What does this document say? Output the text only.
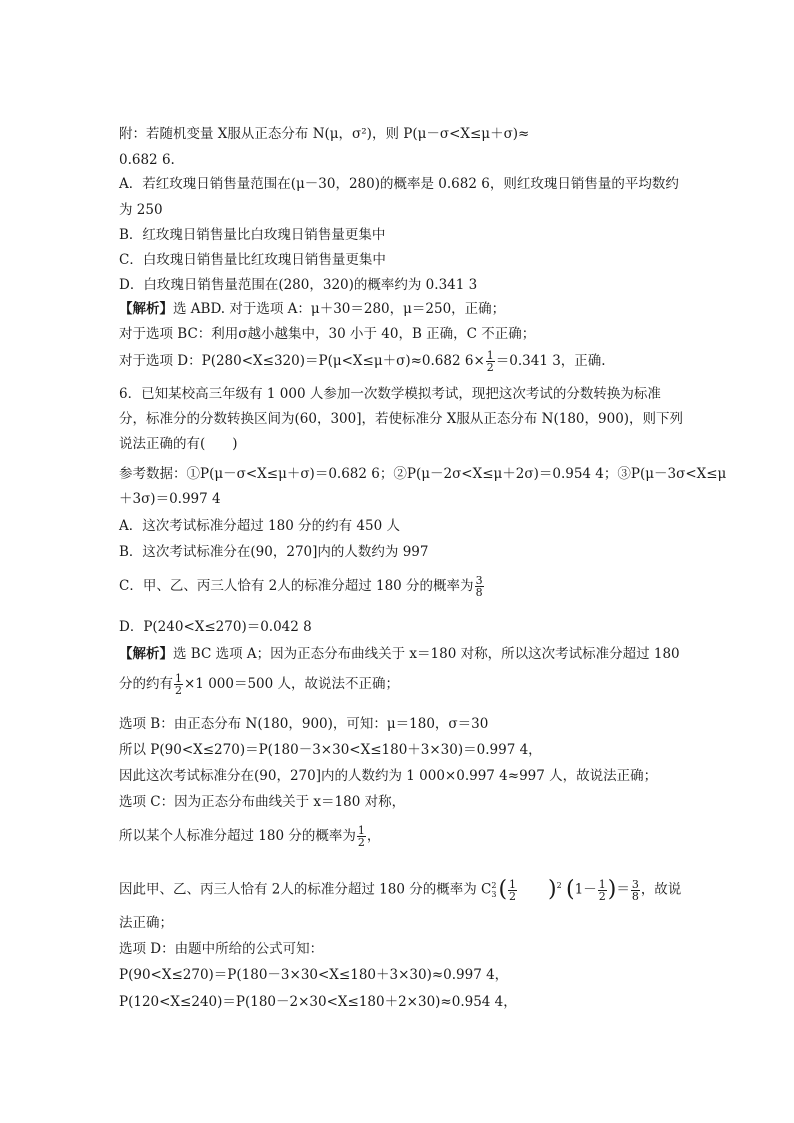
附：若随机变量 X服从正态分布 N(μ，σ²)，则 P(μ－σ<X≤μ＋σ)≈
0.682 6.
A．若红玫瑰日销售量范围在(μ－30，280)的概率是 0.682 6，则红玫瑰日销售量的平均数约
为 250
B．红玫瑰日销售量比白玫瑰日销售量更集中
C．白玫瑰日销售量比红玫瑰日销售量更集中
D．白玫瑰日销售量范围在(280，320)的概率约为 0.341 3
【解析】选 ABD. 对于选项 A：μ＋30＝280，μ＝250，正确；
对于选项 BC：利用σ越小越集中，30 小于 40，B 正确，C 不正确；
对于选项 D：P(280<X≤320)＝P(μ<X≤μ＋σ)≈0.682 $6\times \frac{1}{2} =0.341$ 3，正确.
6．已知某校高三年级有 1 000 人参加一次数学模拟考试，现把这次考试的分数转换为标准
分，标准分的分数转换区间为(60，300]，若使标准分 X服从正态分布 N(180，900)，则下列
说法正确的有(　　)
参考数据：①P(μ－σ<X≤μ＋σ)＝0.682 6；②P(μ－2σ<X≤μ＋2σ)＝0.954 4；③P(μ－3σ<X≤μ
＋3σ)＝0.997 4
A．这次考试标准分超过 180 分的约有 450 人
B．这次考试标准分在(90，270]内的人数约为 997
C．甲、乙、丙三人恰有 2人的标准分超过 180 分的概率为 $\frac{3}{8}$
D．P(240<X≤270)＝0.042 8
【解析】选 BC 选项 A；因为正态分布曲线关于 x＝180 对称，所以这次考试标准分超过 180
分的约有 $\frac{1}{2} \times 1$ 000＝500 人，故说法不正确；
选项 B：由正态分布 N(180，900)，可知：μ＝180，σ＝30
所以 P(90<X≤270)＝P(180－3×30<X≤180＋3×30)＝0.997 4，
因此这次考试标准分在(90，270]内的人数约为 1 000×0.997 4≈997 人，故说法正确；
选项 C：因为正态分布曲线关于 x＝180 对称，
所以某个人标准分超过 180 分的概率为 $\frac{1}{2}$ ，
因此甲、乙、丙三人恰有 2人的标准分超过 180 分的概率为 C 2
3 ( $\frac{1}{2} )^2$ ($1- \frac{1}{2}$ )＝ $\frac{3}{8}$ ，故说
法正确；
选项 D：由题中所给的公式可知：
P(90<X≤270)＝P(180－3×30<X≤180＋3×30)≈0.997 4，
P(120<X≤240)＝P(180－2×30<X≤180＋2×30)≈0.954 4，
